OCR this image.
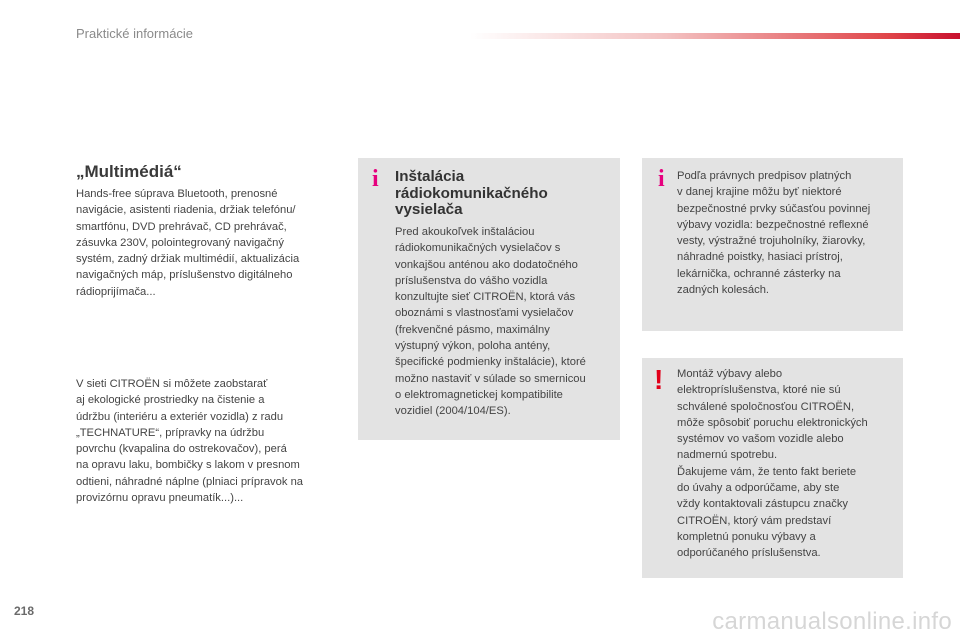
Praktické informácie
„Multimédiá“

Hands-free súprava Bluetooth, prenosné
navigácie, asistenti riadenia, držiak telefónu/
smartfónu, DVD prehrávač, CD prehrávač,
zásuvka 230V, polointegrovaný navigačný
systém, zadný držiak multimédií, aktualizácia
navigačných máp, príslušenstvo digitálneho
rádioprijímača...

V sieti CITROËN si môžete zaobstarať
aj ekologické prostriedky na čistenie a
údržbu (interiéru a exteriér vozidla) z radu
„TECHNATURE“, prípravky na údržbu
povrchu (kvapalina do ostrekovačov), perá
na opravu laku, bombičky s lakom v presnom
odtieni, náhradné náplne (plniaci prípravok na
provizórnu opravu pneumatík...)...

i Inštalácia
rádiokomunikačného
vysielača

Pred akoukoľvek inštaláciou
rádiokomunikačných vysielačov s
vonkajšou anténou ako dodatočného
príslušenstva do vášho vozidla
konzultujte sieť CITROËN, ktorá vás
oboznámi s vlastnosťami vysielačov
(frekvenčné pásmo, maximálny
výstupný výkon, poloha antény,
špecifické podmienky inštalácie), ktoré
možno nastaviť v súlade so smernicou
o elektromagnetickej kompatibilite
vozidiel (2004/104/ES).

i Podľa právnych predpisov platných
v danej krajine môžu byť niektoré
bezpečnostné prvky súčasťou povinnej
výbavy vozidla: bezpečnostné reflexné
vesty, výstražné trojuholníky, žiarovky,
náhradné poistky, hasiaci prístroj,
lekárnička, ochranné zásterky na
zadných kolesách.

! Montáž výbavy alebo
elektropríslušenstva, ktoré nie sú
schválené spoločnosťou CITROËN,
môže spôsobiť poruchu elektronických
systémov vo vašom vozidle alebo
nadmernú spotrebu.
Ďakujeme vám, že tento fakt beriete
do úvahy a odporúčame, aby ste
vždy kontaktovali zástupcu značky
CITROËN, ktorý vám predstaví
kompletnú ponuku výbavy a
odporúčaného príslušenstva.

218	carmanualsonline.info
